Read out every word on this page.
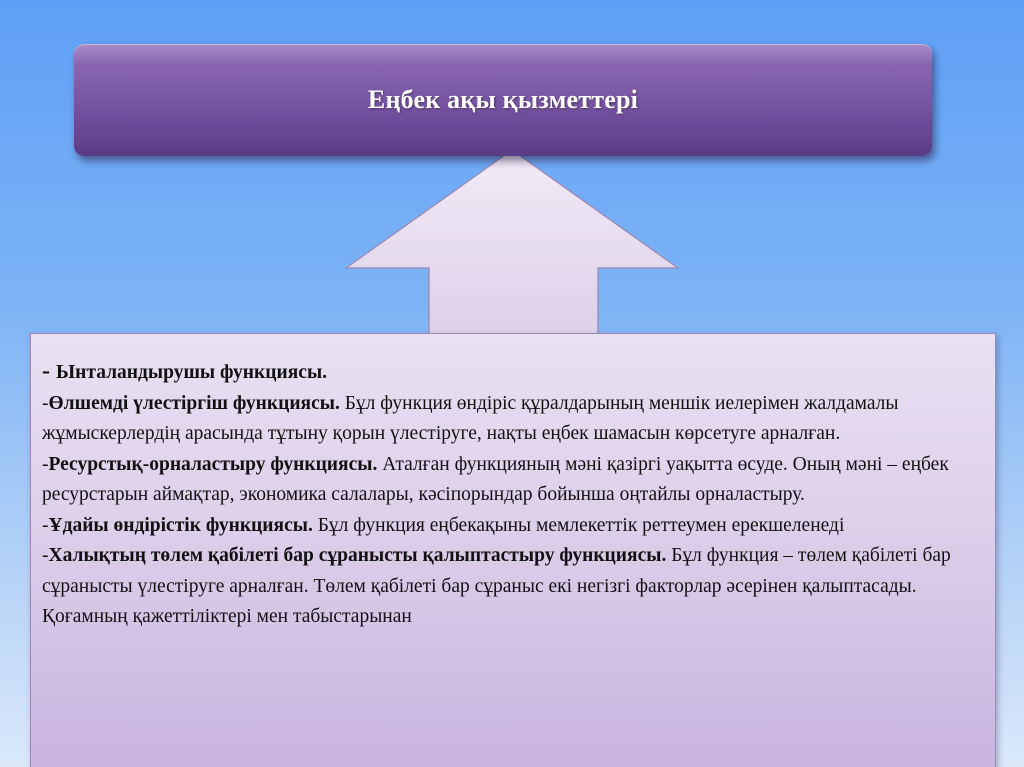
Еңбек ақы қызметтері

- Ынталандырушы функциясы.

-Өлшемді үлестіргіш функциясы. Бұл функция өндіріс құралдарының меншік иелерімен жалдамалы жұмыскерлердің арасында тұтыну қорын үлестіруге, нақты еңбек шамасын көрсетуге арналған.

-Ресурстық-орналастыру функциясы. Аталған функцияның мәні қазіргі уақытта өсуде. Оның мәні – еңбек ресурстарын аймақтар, экономика салалары, кәсіпорындар бойынша оңтайлы орналастыру.

-Ұдайы өндірістік функциясы. Бұл функция еңбекақыны мемлекеттік реттеумен ерекшеленеді

-Халықтың төлем қабілеті бар сұранысты қалыптастыру функциясы. Бұл функция – төлем қабілеті бар сұранысты үлестіруге арналған. Төлем қабілеті бар сұраныс екі негізгі факторлар әсерінен қалыптасады. Қоғамның қажеттіліктері мен табыстарынан
